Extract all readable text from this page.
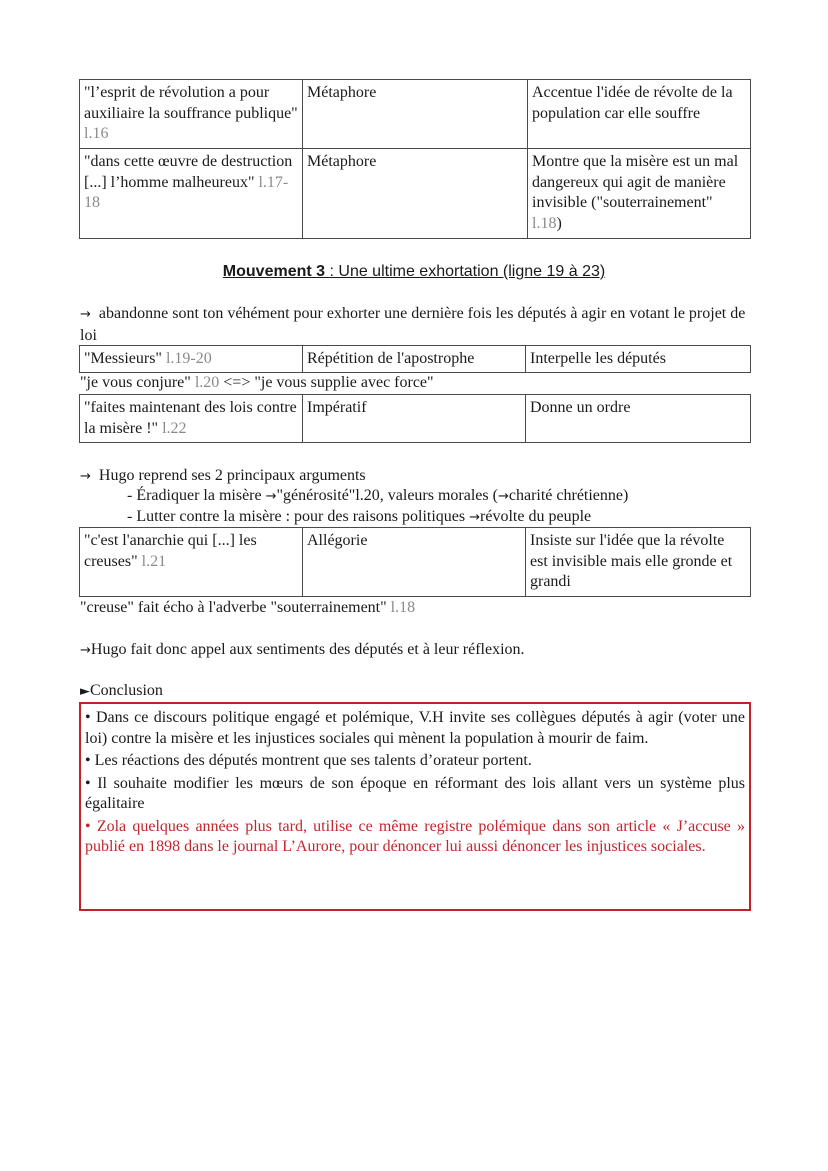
"l’esprit de révolution a pour auxiliaire la souffrance publique" l.16	Métaphore	Accentue l'idée de révolte de la population car elle souffre
"dans cette œuvre de destruction [...] l’homme malheureux" l.17-18	Métaphore	Montre que la misère est un mal dangereux qui agit de manière invisible ("souterrainement" l.18)
Mouvement 3 : Une ultime exhortation (ligne 19 à 23)
→ abandonne sont ton véhément pour exhorter une dernière fois les députés à agir en votant le projet de loi
"Messieurs" l.19-20	Répétition de l'apostrophe	Interpelle les députés
"je vous conjure" l.20 <=> "je vous supplie avec force"
"faites maintenant des lois contre la misère !" l.22	Impératif	Donne un ordre
→ Hugo reprend ses 2 principaux arguments
- Éradiquer la misère →"générosité"l.20, valeurs morales (→charité chrétienne)
- Lutter contre la misère : pour des raisons politiques →révolte du peuple
"c'est l'anarchie qui [...] les creuses" l.21	Allégorie	Insiste sur l'idée que la révolte est invisible mais elle gronde et grandi
"creuse" fait écho à l'adverbe "souterrainement" l.18
→Hugo fait donc appel aux sentiments des députés et à leur réflexion.
►Conclusion

• Dans ce discours politique engagé et polémique, V.H invite ses collègues députés à agir (voter une loi) contre la misère et les injustices sociales qui mènent la population à mourir de faim.

• Les réactions des députés montrent que ses talents d’orateur portent.

• Il souhaite modifier les mœurs de son époque en réformant des lois allant vers un système plus égalitaire

• Zola quelques années plus tard, utilise ce même registre polémique dans son article « J’accuse » publié en 1898 dans le journal L’Aurore, pour dénoncer lui aussi dénoncer les injustices sociales.
